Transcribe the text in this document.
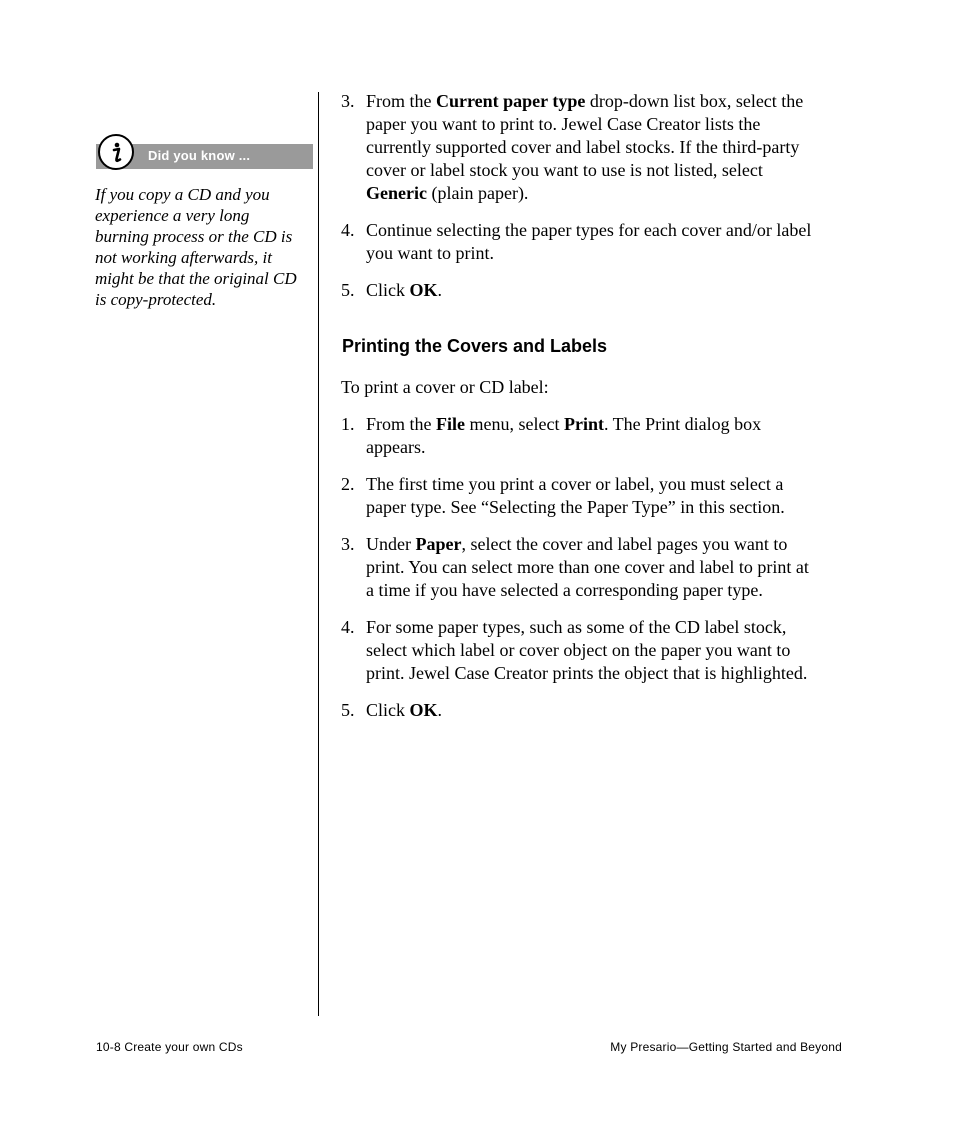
Did you know ...
If you copy a CD and you
experience a very long
burning process or the CD is
not working afterwards, it
might be that the original CD
is copy-protected.
3. From the Current paper type drop-down list box, select the
paper you want to print to. Jewel Case Creator lists the
currently supported cover and label stocks. If the third-party
cover or label stock you want to use is not listed, select
Generic (plain paper).
4. Continue selecting the paper types for each cover and/or label
you want to print.
5. Click OK.
Printing the Covers and Labels
To print a cover or CD label:
1. From the File menu, select Print. The Print dialog box
appears.
2. The first time you print a cover or label, you must select a
paper type. See “Selecting the Paper Type” in this section.
3. Under Paper, select the cover and label pages you want to
print. You can select more than one cover and label to print at
a time if you have selected a corresponding paper type.
4. For some paper types, such as some of the CD label stock,
select which label or cover object on the paper you want to
print. Jewel Case Creator prints the object that is highlighted.
5. Click OK.
10-8 Create your own CDs	My Presario—Getting Started and Beyond
